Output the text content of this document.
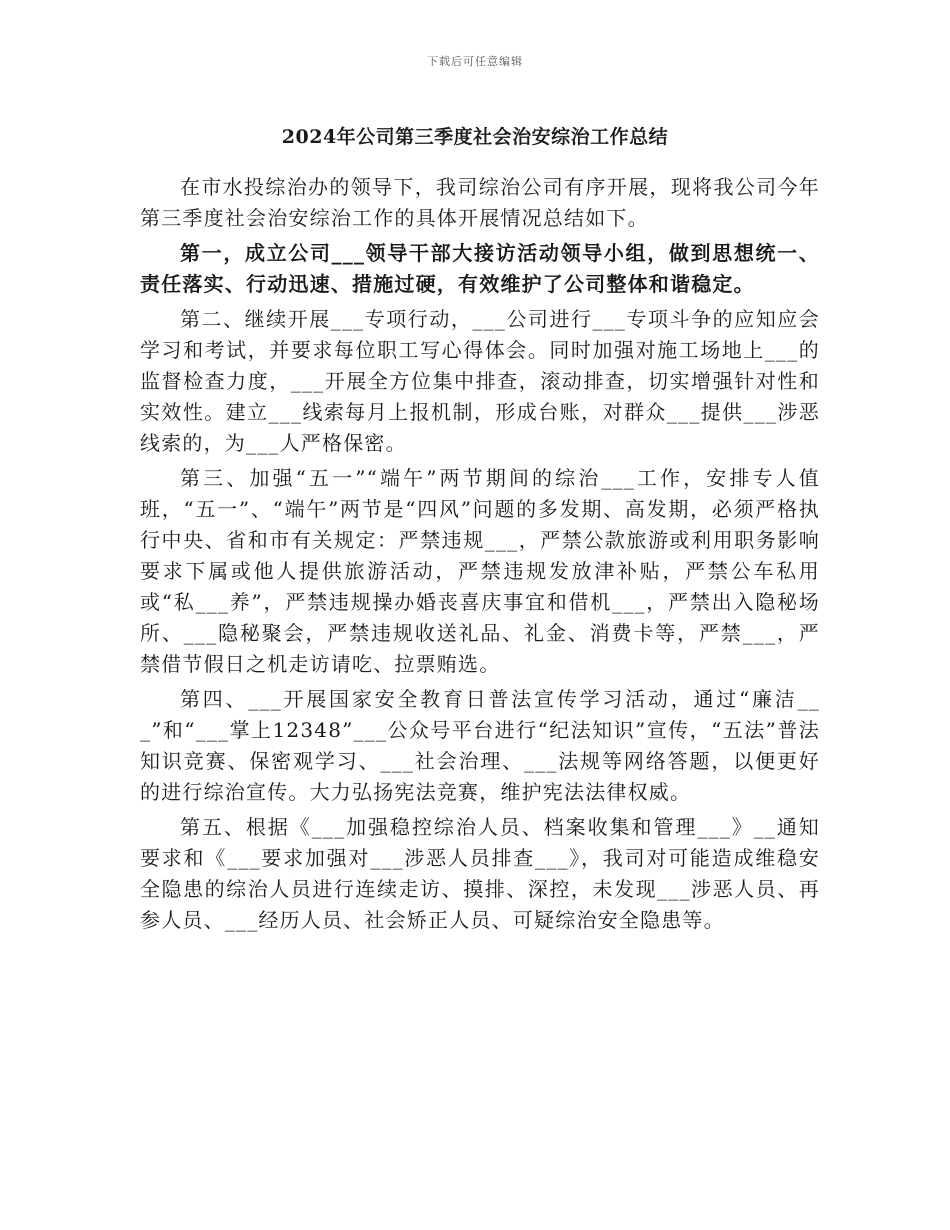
下载后可任意编辑
2024年公司第三季度社会治安综治工作总结

在市水投综治办的领导下，我司综治公司有序开展，现将我公司今年第三季度社会治安综治工作的具体开展情况总结如下。

第一，成立公司___领导干部大接访活动领导小组，做到思想统一、责任落实、行动迅速、措施过硬，有效维护了公司整体和谐稳定。

第二、继续开展___专项行动，___公司进行___专项斗争的应知应会学习和考试，并要求每位职工写心得体会。同时加强对施工场地上___的监督检查力度，___开展全方位集中排查，滚动排查，切实增强针对性和实效性。建立___线索每月上报机制，形成台账，对群众___提供___涉恶线索的，为___人严格保密。

第三、加强“五一”“端午”两节期间的综治___工作，安排专人值班，“五一”、“端午”两节是“四风”问题的多发期、高发期，必须严格执行中央、省和市有关规定：严禁违规___，严禁公款旅游或利用职务影响要求下属或他人提供旅游活动，严禁违规发放津补贴，严禁公车私用或“私___养”，严禁违规操办婚丧喜庆事宜和借机___，严禁出入隐秘场所、___隐秘聚会，严禁违规收送礼品、礼金、消费卡等，严禁___，严禁借节假日之机走访请吃、拉票贿选。

第四、___开展国家安全教育日普法宣传学习活动，通过“廉洁___”和“___掌上12348”___公众号平台进行“纪法知识”宣传，“五法”普法知识竞赛、保密观学习、___社会治理、___法规等网络答题，以便更好的进行综治宣传。大力弘扬宪法竞赛，维护宪法法律权威。

第五、根据《___加强稳控综治人员、档案收集和管理___》__通知要求和《___要求加强对___涉恶人员排查___》，我司对可能造成维稳安全隐患的综治人员进行连续走访、摸排、深控，未发现___涉恶人员、再参人员、___经历人员、社会矫正人员、可疑综治安全隐患等。
